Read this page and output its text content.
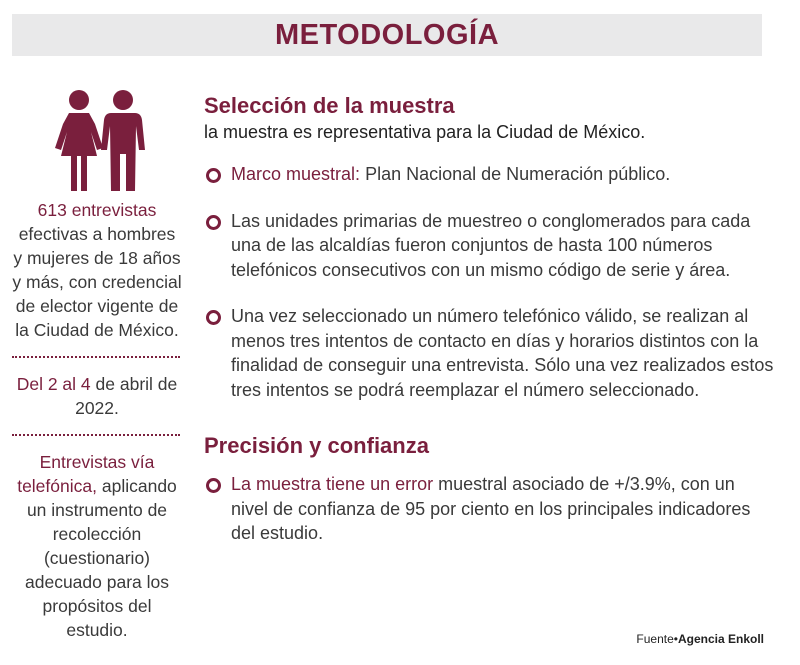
METODOLOGÍA

613 entrevistas efectivas a hombres y mujeres de 18 años y más, con credencial de elector vigente de la Ciudad de México.

Del 2 al 4 de abril de 2022.

Entrevistas vía telefónica, aplicando un instrumento de recolección (cuestionario) adecuado para los propósitos del estudio.

Selección de la muestra

la muestra es representativa para la Ciudad de México.

Marco muestral: Plan Nacional de Numeración público.

Las unidades primarias de muestreo o conglomerados para cada una de las alcaldías fueron conjuntos de hasta 100 números telefónicos consecutivos con un mismo código de serie y área.

Una vez seleccionado un número telefónico válido, se realizan al menos tres intentos de contacto en días y horarios distintos con la finalidad de conseguir una entrevista. Sólo una vez realizados estos tres intentos se podrá reemplazar el número seleccionado.

Precisión y confianza

La muestra tiene un error muestral asociado de +/3.9%, con un nivel de confianza de 95 por ciento en los principales indicadores del estudio.

Fuente•Agencia Enkoll
